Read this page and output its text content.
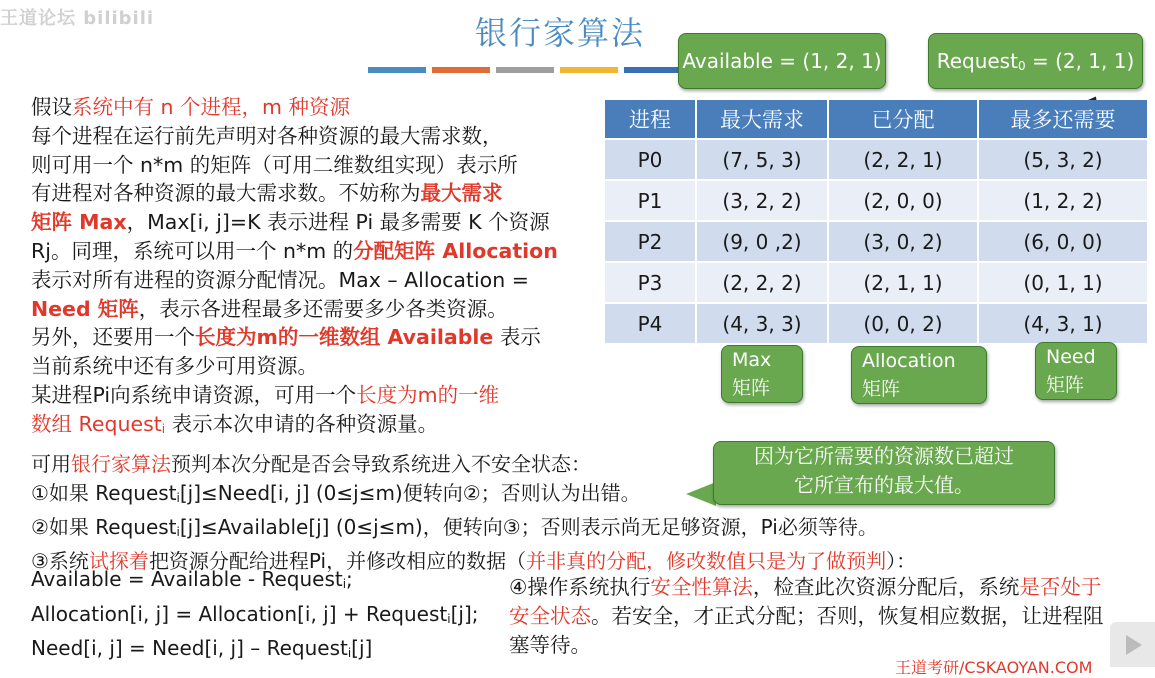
王道论坛 bilibili	银行家算法
Available = (1, 2, 1)	Request$_0$ = (2, 1, 1)
假设系统中有 n 个进程，m 种资源
每个进程在运行前先声明对各种资源的最大需求数，
则可用一个 n*m 的矩阵（可用二维数组实现）表示所
有进程对各种资源的最大需求数。不妨称为最大需求
矩阵 Max，Max[i, j]=K 表示进程 Pi 最多需要 K 个资源
Rj。同理，系统可以用一个 n*m 的分配矩阵 Allocation
表示对所有进程的资源分配情况。Max – Allocation =
Need 矩阵，表示各进程最多还需要多少各类资源。
另外，还要用一个长度为m的一维数组 Available 表示
当前系统中还有多少可用资源。
某进程Pi向系统申请资源，可用一个长度为m的一维
数组 Request$_i$ 表示本次申请的各种资源量。
进程	最大需求	已分配	最多还需要
P0	(7, 5, 3)	(2, 2, 1)	(5, 3, 2)
P1	(3, 2, 2)	(2, 0, 0)	(1, 2, 2)
P2	(9, 0 ,2)	(3, 0, 2)	(6, 0, 0)
P3	(2, 2, 2)	(2, 1, 1)	(0, 1, 1)
P4	(4, 3, 3)	(0, 0, 2)	(4, 3, 1)
Max
矩阵
Allocation
矩阵
Need
矩阵
可用银行家算法预判本次分配是否会导致系统进入不安全状态：
①如果 Request$_i$[j]≤Need[i, j] (0≤j≤m)便转向②；否则认为出错。
②如果 Request$_i$[j]≤Available[j] (0≤j≤m)，便转向③；否则表示尚无足够资源，Pi必须等待。
③系统试探着把资源分配给进程Pi，并修改相应的数据（并非真的分配，修改数值只是为了做预判）：
Available = Available - Request$_i$;
Allocation[i, j] = Allocation[i, j] + Request$_i$[j];
Need[i, j] = Need[i, j] – Request$_i$[j]
④操作系统执行安全性算法，检查此次资源分配后，系统是否处于安全状态。若安全，才正式分配；否则，恢复相应数据，让进程阻塞等待。
因为它所需要的资源数已超过
它所宣布的最大值。
王道考研/CSKAOYAN.COM
